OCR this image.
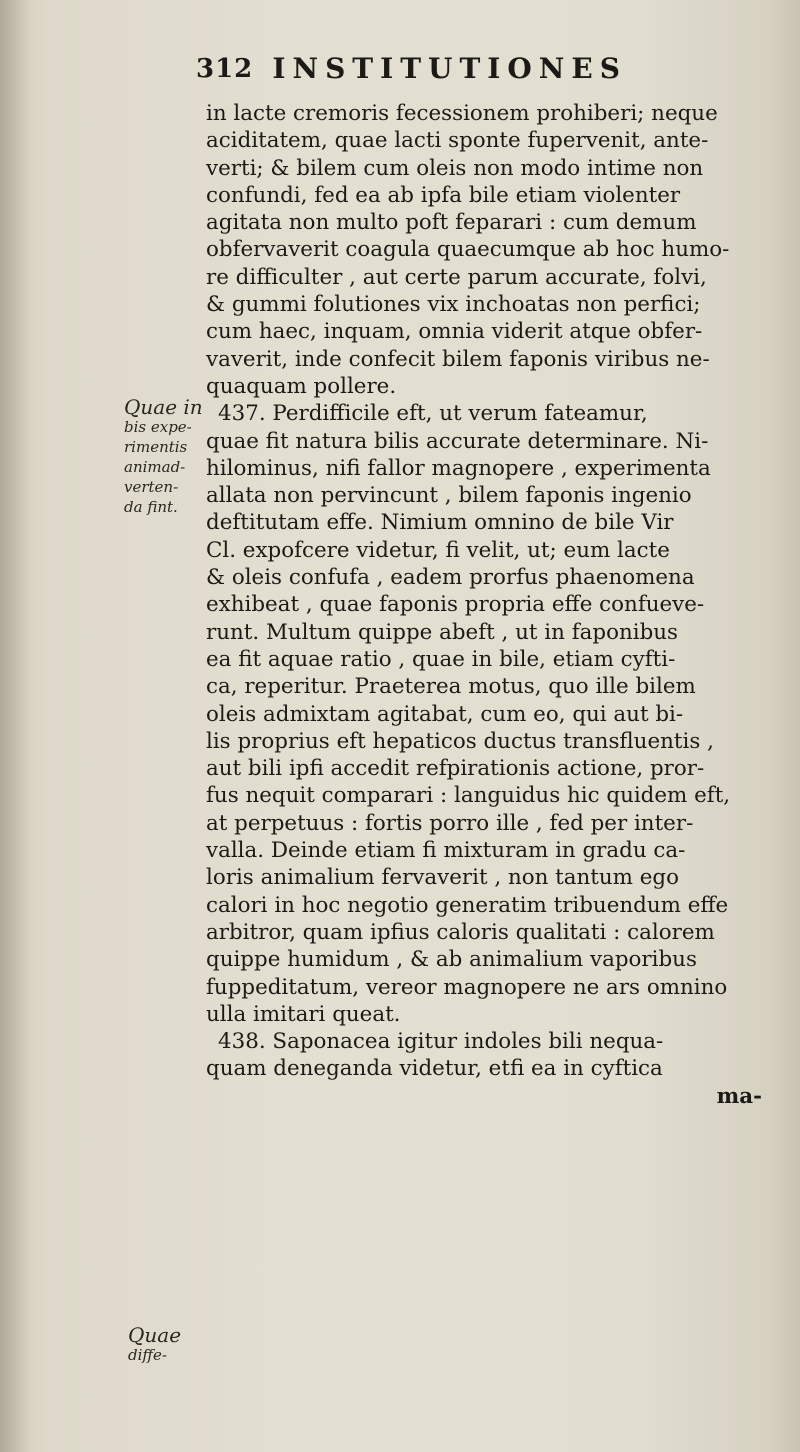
312 INSTITUTIONES
in lacte cremoris fecessionem prohiberi; neque
aciditatem, quae lacti sponte fupervenit, ante-
verti; & bilem cum oleis non modo intime non
confundi, fed ea ab ipfa bile etiam violenter
agitata non multo poft feparari : cum demum
obfervaverit coagula quaecumque ab hoc humo-
re difficulter , aut certe parum accurate, folvi,
& gummi folutiones vix inchoatas non perfici;
cum haec, inquam, omnia viderit atque obfer-
vaverit, inde confecit bilem faponis viribus ne-
quaquam pollere.
437. Perdifficile eft, ut verum fateamur,
quae fit natura bilis accurate determinare. Ni-
hilominus, nifi fallor magnopere , experimenta
allata non pervincunt , bilem faponis ingenio
deftitutam effe. Nimium omnino de bile Vir
Cl. expofcere videtur, fi velit, ut; eum lacte
& oleis confufa , eadem prorfus phaenomena
exhibeat , quae faponis propria effe confueve-
runt. Multum quippe abeft , ut in faponibus
ea fit aquae ratio , quae in bile, etiam cyfti-
ca, reperitur. Praeterea motus, quo ille bilem
oleis admixtam agitabat, cum eo, qui aut bi-
lis proprius eft hepaticos ductus transfluentis ,
aut bili ipfi accedit refpirationis actione, pror-
fus nequit comparari : languidus hic quidem eft,
at perpetuus : fortis porro ille , fed per inter-
valla. Deinde etiam fi mixturam in gradu ca-
loris animalium fervaverit , non tantum ego
calori in hoc negotio generatim tribuendum effe
arbitror, quam ipfius caloris qualitati : calorem
quippe humidum , & ab animalium vaporibus
fuppeditatum, vereor magnopere ne ars omnino
ulla imitari queat.
438. Saponacea igitur indoles bili nequa-
quam deneganda videtur, etfi ea in cyftica
ma-
Quae in
bis expe-
rimentis
animad-
verten-
da fint.
Quae
diffe-
